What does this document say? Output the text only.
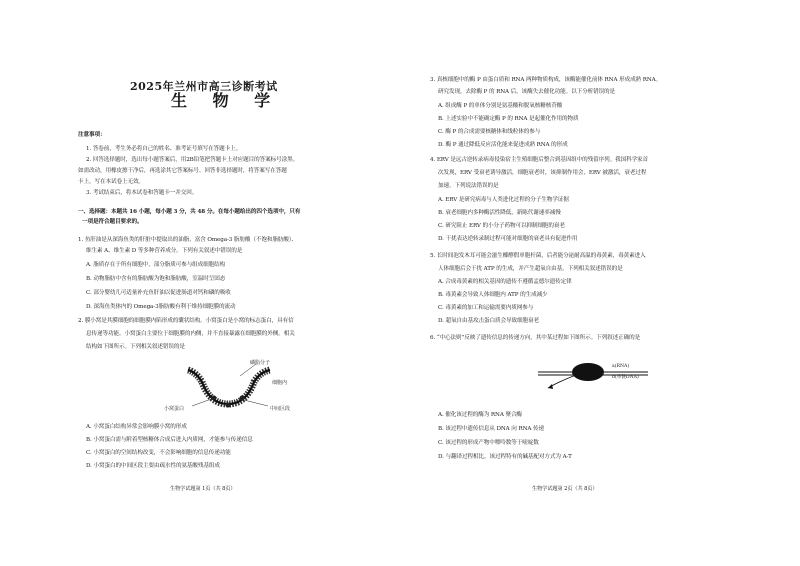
2025年兰州市高三诊断考试
生 物 学
注意事项：
1. 答卷前，考生务必将自己的姓名、准考证号填写在答题卡上。
2. 回答选择题时，选出每小题答案后，用2B铅笔把答题卡上对应题目的答案标号涂黑。
如需改动，用橡皮擦干净后，再选涂其它答案标号。回答非选择题时，将答案写在答题
卡上。写在本试卷上无效。
3. 考试结束后，将本试卷和答题卡一并交回。
一、选择题：本题共 16 小题，每小题 3 分，共 48 分。在每小题给出的四个选项中，只有
一项是符合题目要求的。
1. 鱼肝油是从深海鱼类的肝脏中提取出的油脂，富含 Omega-3 脂肪酸（不饱和脂肪酸）、
维生素 A、维生素 D 等多种营养成分。下列有关叙述中错误的是
A. 脂质存在于所有细胞中，部分脂质可参与组成细胞结构
B. 动物脂肪中含有的脂肪酸为饱和脂肪酸，室温时呈固态
C. 部分婴幼儿可适量补充鱼肝油以促进肠道对钙和磷的吸收
D. 深海鱼类体内的 Omega-3脂肪酸有利于维持细胞膜的流动
2. 膜小窝是其膜细胞的细胞膜内陷形成的囊状结构。小窝蛋白是小窝的标志蛋白，具有信
息传递等功能。小窝蛋白主要位于细胞膜的内侧，并不直接暴露在细胞膜的外侧。相关
结构如下图所示。下列相关叙述错误的是
磷脂分子
细胞内
小窝蛋白	中间区段
A. 小窝蛋白结构异常会影响膜小窝的形成
B. 小窝蛋白需与附着型核糖体合成后进入内质网，才能参与传递信息
C. 小窝蛋白的空间结构改变，不会影响细胞的信息传递功能
D. 小窝蛋白的中间区段主要由疏水性的氨基酸残基组成
生物学试题第 1页（共 8页）
3. 真核细胞中的酶 P 由蛋白质和 RNA 两种物质构成，该酶能催化前体 RNA 形成成熟 RNA。
研究发现，去除酶 P 的 RNA 后，该酶失去催化功能。以下分析错误的是
A. 组成酶 P 的单体分别是氨基酸和脱氧核糖核苷酸
B. 上述实验中不能确定酶 P 的 RNA 是起催化作用的物质
C. 酶 P 的合成需要核糖体和线粒体的参与
D. 酶 P 通过降低反应活化能来促进成熟 RNA 的形成
4. ERV 是远古逆转录病毒侵染宿主生殖细胞后整合到基因组中的残留序列。我国科学家首
次发现，ERV 受衰老诱导激活，细胞衰老时，该抑制作用会，ERV 被激活，衰老过程
加速。下列说法错误的是
A. ERV 是研究病毒与人类进化过程的分子生物学证据
B. 衰老细胞内多种酶活性降低，新陈代谢速率减慢
C. 研究阻止 ERV 的小分子药物可以抑制细胞的衰老
D. 干扰表达逆转录制过程可能对细胞的衰老具有促进作用
5. 长时间泡发木耳可能会滋生椰酵假单胞杆菌，后者能分泌耐高温的毒黄素，毒黄素进入
人体细胞后会干扰 ATP 的生成，并产生超氧自由基。下列相关叙述错误的是
A. 合成毒黄素的相关基因的遗传不遵循孟德尔遗传定律
B. 毒黄素会导致人体细胞内 ATP 的生成减少
C. 毒黄素的加工和运输需要内质网参与
D. 超氧自由基攻击蛋白质会导致细胞衰老
6. “中心法则”反映了遗传信息的传递方向，其中某过程如下图所示。下列叙述正确的是
a(RNA)
b(单链DNA)
A. 催化该过程的酶为 RNA 聚合酶
B. 该过程中遗传信息从 DNA 向 RNA 传递
C. 该过程的形成产物中嘌呤数等于嘧啶数
D. 与翻译过程相比，该过程特有的碱基配对方式为 A-T
生物学试题第 2页（共 8页）
